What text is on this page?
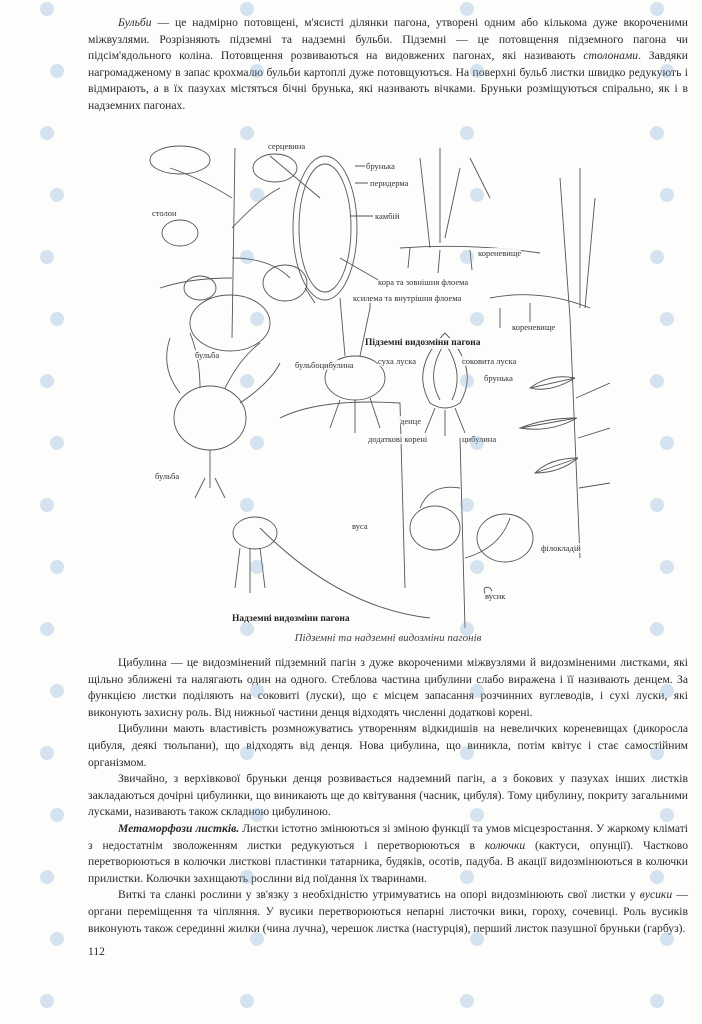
Бульби — це надмірно потовщені, м'ясисті ділянки пагона, утворені одним або кількома дуже вкороченими міжвузлями. Розрізняють підземні та надземні бульби. Підземні — це потовщення підземного пагона чи підсім'ядольного коліна. Потовщення розвиваються на видовжених пагонах, які називають столонами. Завдяки нагромадженому в запас крохмалю бульби картоплі дуже потовщуються. На поверхні бульб листки швидко редукують і відмирають, а в їх пазухах містяться бічні брунька, які називають вічками. Бруньки розміщуються спірально, як і в надземних пагонах.

серцевина
брунька
перидерма
камбій
столон
кореневище
кора та зовнішня флоема
ксилема та внутрішня флоема
кореневище
Підземні видозміни пагона
бульба
бульбоцибулина	суха луска	соковита луска
брунька
денце
додаткові корені	цибулина
бульба
вуса
філокладій
вусик
Надземні видозміни пагона
Підземні та надземні видозміни пагонів

Цибулина — це видозмінений підземний пагін з дуже вкороченими міжвузлями й видозміненими листками, які щільно зближені та налягають один на одного. Стеблова частина цибулини слабо виражена і її називають денцем. За функцією листки поділяють на соковиті (луски), що є місцем запасання розчинних вуглеводів, і сухі луски, які виконують захисну роль. Від нижньої частини денця відходять численні додаткові корені.

Цибулини мають властивість розмножуватись утворенням відкидишів на невеличких кореневищах (дикоросла цибуля, деякі тюльпани), що відходять від денця. Нова цибулина, що виникла, потім квітує і стає самостійним організмом.

Звичайно, з верхівкової бруньки денця розвивається надземний пагін, а з бокових у пазухах інших листків закладаються дочірні цибулинки, що виникають ще до квітування (часник, цибуля). Тому цибулину, покриту загальними лусками, називають також складною цибулиною.

Метаморфози листків. Листки істотно змінюються зі зміною функції та умов місцезростання. У жаркому кліматі з недостатнім зволоженням листки редукуються і перетворюються в колючки (кактуси, опунції). Частково перетворюються в колючки листкові пластинки татарника, будяків, осотів, падуба. В акації видозмінюються в колючки прилистки. Колючки захищають рослини від поїдання їх тваринами.

Виткі та сланкі рослини у зв'язку з необхідністю утримуватись на опорі видозмінюють свої листки у вусики — органи переміщення та чіпляння. У вусики перетворюються непарні листочки вики, гороху, сочевиці. Роль вусиків виконують також серединні жилки (чина лучна), черешок листка (настурція), перший листок пазушної бруньки (гарбуз).

112
